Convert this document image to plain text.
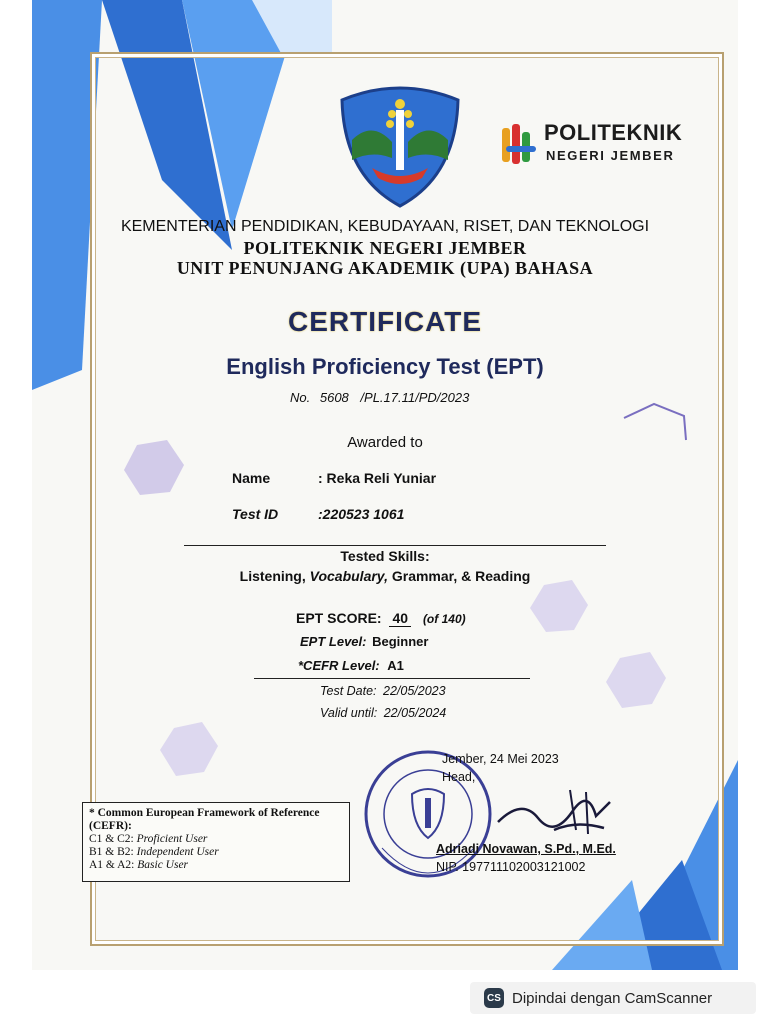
POLITEKNIK
NEGERI JEMBER
KEMENTERIAN PENDIDIKAN, KEBUDAYAAN, RISET, DAN TEKNOLOGI
POLITEKNIK NEGERI JEMBER
UNIT PENUNJANG AKADEMIK (UPA) BAHASA
CERTIFICATE
English Proficiency Test (EPT)
No. 5608 /PL.17.11/PD/2023
Awarded to
Name	: Reka Reli Yuniar
Test ID	:220523 1061
Tested Skills:
Listening, Vocabulary, Grammar, & Reading
EPT SCORE: 40 (of 140)
EPT Level: Beginner
*CEFR Level: A1
Test Date: 22/05/2023
Valid until: 22/05/2024
Jember, 24 Mei 2023
Head,
Adriadi Novawan, S.Pd., M.Ed.
NIP. 197711102003121002
* Common European Framework of Reference
(CEFR):
C1 & C2: Proficient User
B1 & B2: Independent User
A1 & A2: Basic User
CS Dipindai dengan CamScanner
